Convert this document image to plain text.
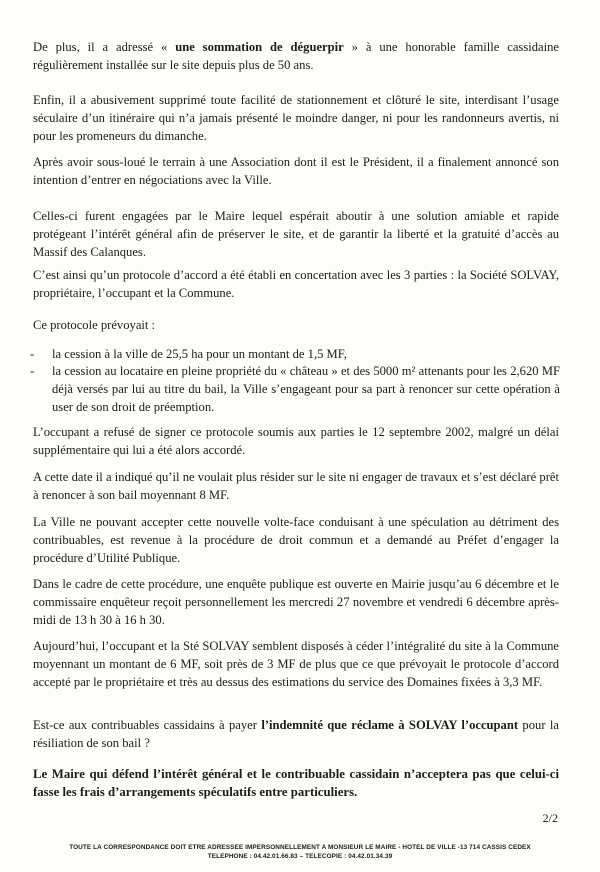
De plus, il a adressé « une sommation de déguerpir » à une honorable famille cassidaine régulièrement installée sur le site depuis plus de 50 ans.

Enfin, il a abusivement supprimé toute facilité de stationnement et clôturé le site, interdisant l’usage séculaire d’un itinéraire qui n’a jamais présenté le moindre danger, ni pour les randonneurs avertis, ni pour les promeneurs du dimanche.

Après avoir sous-loué le terrain à une Association dont il est le Président, il a finalement annoncé son intention d’entrer en négociations avec la Ville.

Celles-ci furent engagées par le Maire lequel espérait aboutir à une solution amiable et rapide protégeant l’intérêt général afin de préserver le site, et de garantir la liberté et la gratuité d’accès au Massif des Calanques.

C’est ainsi qu’un protocole d’accord a été établi en concertation avec les 3 parties : la Société SOLVAY, propriétaire, l’occupant et la Commune.

Ce protocole prévoyait :

- la cession à la ville de 25,5 ha pour un montant de 1,5 MF,
- la cession au locataire en pleine propriété du « château » et des 5000 m² attenants pour les 2,620 MF déjà versés par lui au titre du bail, la Ville s’engageant pour sa part à renoncer sur cette opération à user de son droit de préemption.

L’occupant a refusé de signer ce protocole soumis aux parties le 12 septembre 2002, malgré un délai supplémentaire qui lui a été alors accordé.

A cette date il a indiqué qu’il ne voulait plus résider sur le site ni engager de travaux et s’est déclaré prêt à renoncer à son bail moyennant 8 MF.

La Ville ne pouvant accepter cette nouvelle volte-face conduisant à une spéculation au détriment des contribuables, est revenue à la procédure de droit commun et a demandé au Préfet d’engager la procédure d’Utilité Publique.

Dans le cadre de cette procédure, une enquête publique est ouverte en Mairie jusqu’au 6 décembre et le commissaire enquêteur reçoit personnellement les mercredi 27 novembre et vendredi 6 décembre après-midi de 13 h 30 à 16 h 30.

Aujourd’hui, l’occupant et la Sté SOLVAY semblent disposés à céder l’intégralité du site à la Commune moyennant un montant de 6 MF, soit près de 3 MF de plus que ce que prévoyait le protocole d’accord accepté par le propriétaire et très au dessus des estimations du service des Domaines fixées à 3,3 MF.

Est-ce aux contribuables cassidains à payer l’indemnité que réclame à SOLVAY l’occupant pour la résiliation de son bail ?

Le Maire qui défend l’intérêt général et le contribuable cassidain n’acceptera pas que celui-ci fasse les frais d’arrangements spéculatifs entre particuliers.

2/2
TOUTE LA CORRESPONDANCE DOIT ETRE ADRESSEE IMPERSONNELLEMENT A MONSIEUR LE MAIRE - HOTEL DE VILLE -13 714 CASSIS CEDEX
TELEPHONE : 04.42.01.66.83 – TELECOPIE : 04.42.01.34.39
